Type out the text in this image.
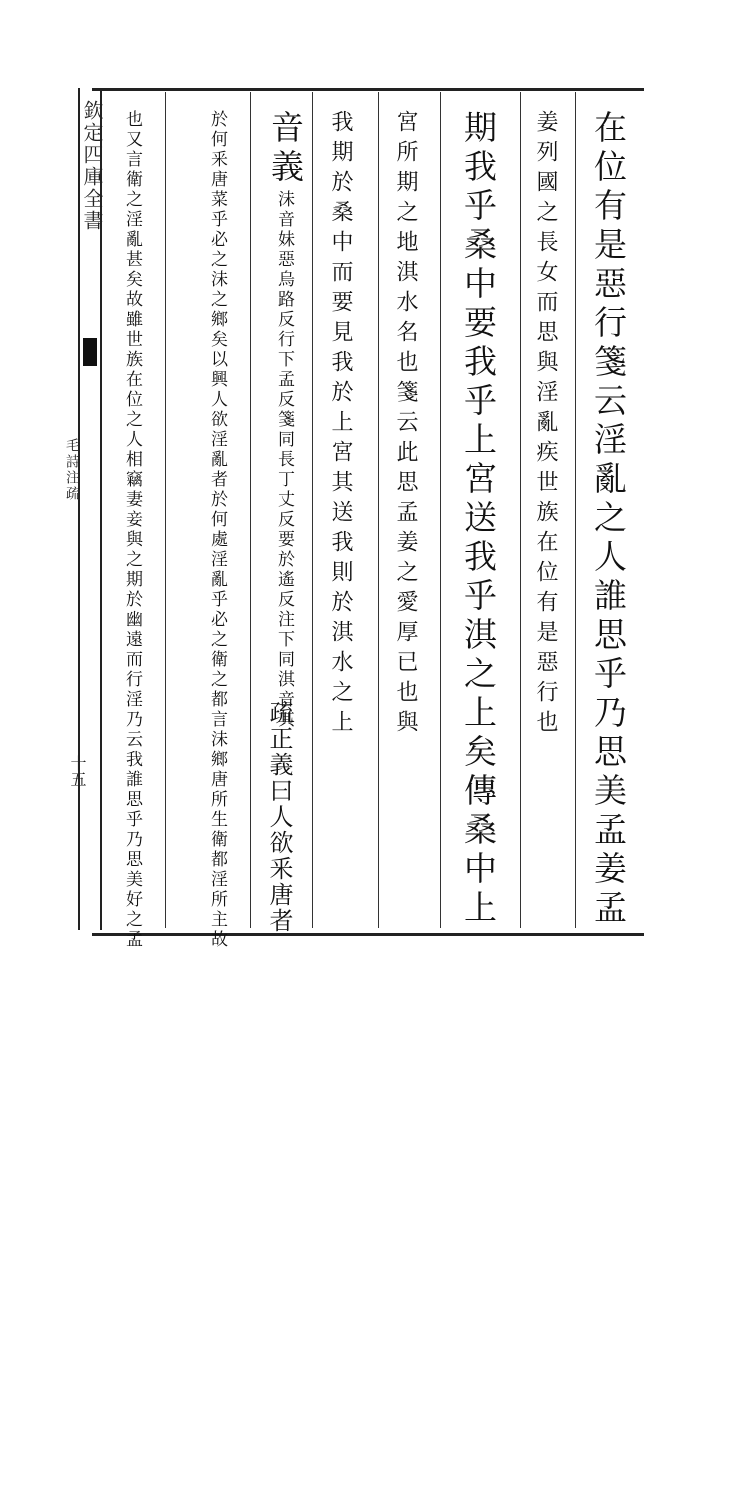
欽定四庫全書
毛詩注疏
十五	在位有是惡行箋云淫亂之人誰思乎乃思美孟姜孟
姜列國之長女而思與淫亂疾世族在位有是惡行也
期我乎桑中要我乎上宮送我乎淇之上矣傳桑中上
宮所期之地淇水名也箋云此思孟姜之愛厚已也與
我期於桑中而要見我於上宮其送我則於淇水之上
音義
沬音妹惡烏路反行下孟反箋同長丁丈反要於遙反注下同淇音其
疏正義曰人欲釆唐者
於何釆唐菜乎必之沬之鄉矣以興人欲淫亂者於何處淫亂乎必之衛之都言沬鄉唐所生衛都淫所主故
也又言衛之淫亂甚矣故雖世族在位之人相竊妻妾與之期於幽遠而行淫乃云我誰思乎乃思美好之孟
